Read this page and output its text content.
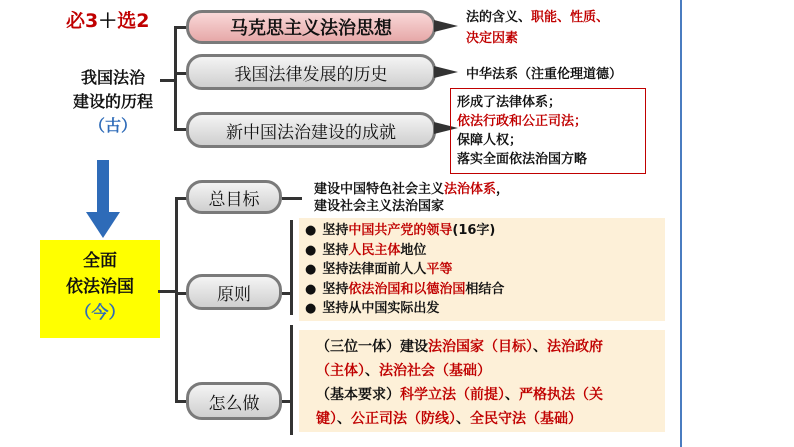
必3＋选2
我国法治
建设的历程
（古）
马克思主义法治思想
我国法律发展的历史
新中国法治建设的成就
法的含义、职能、性质、
决定因素
中华法系（注重伦理道德）
形成了法律体系；
依法行政和公正司法；
保障人权；
落实全面依法治国方略
全面
依法治国
（今）
总目标
原则
怎么做
建设中国特色社会主义法治体系，
建设社会主义法治国家
● 坚持中国共产党的领导(16字)
● 坚持人民主体地位
● 坚持法律面前人人平等
● 坚持依法治国和以德治国相结合
● 坚持从中国实际出发
（三位一体）建设法治国家（目标）、法治政府
（主体）、法治社会（基础）
（基本要求）科学立法（前提）、严格执法（关
键）、公正司法（防线）、全民守法（基础）
